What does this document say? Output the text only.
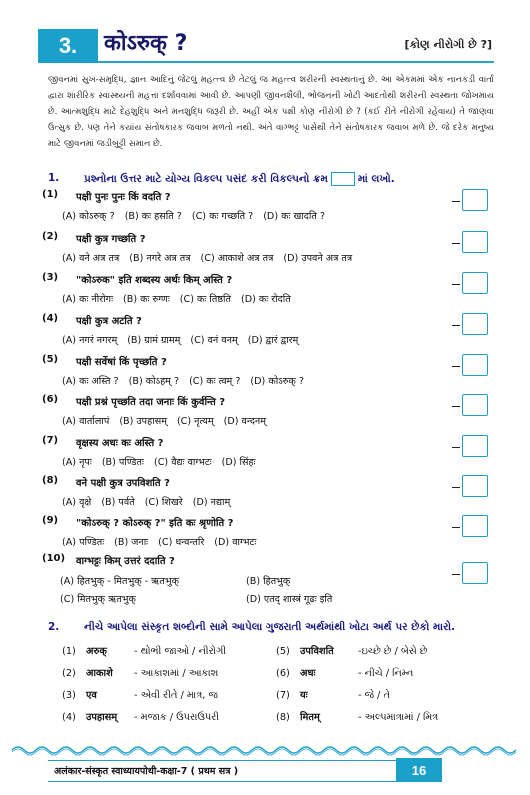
3.	कोऽरुक् ?	[કોણ નીરોગી છે ?]

જીવનમાં સુખ-સમૃદ્ધિ, જ્ઞાન આદિનું જેટલું મહત્ત્વ છે તેટલું જ મહત્ત્વ શરીરની સ્વસ્થતાનું છે. આ એકમમાં એક નાનકડી વાર્તા દ્વારા શારીરિક સ્વાસ્થ્યની મહત્તા દર્શાવવામાં આવી છે. આપણી જીવનશૈલી, ભોજનની ખોટી આદતોથી શરીરની સ્વસ્થતા જોખમાય છે. આત્મશુદ્ધિ માટે દેહશુદ્ધિ અને મનશુદ્ધિ જરૂરી છે. અહીં એક પક્ષી કોણ નીરોગી છે ? (કઈ રીતે નીરોગી રહેવાય) તે જાણવા ઉત્સુક છે. પણ તેને કયાંય સંતોષકારક જવાબ મળતો નથી. અંતે વાગ્ભટ્ટ પાસેથી તેને સંતોષકારક જવાબ મળે છે. જે દરેક મનુષ્ય માટે જીવનમાં જડીબુટ્ટી સમાન છે.

1. પ્રશ્નોના ઉત્તર માટે યોગ્ય વિકલ્પ પસંદ કરી વિકલ્પનો ક્રમ	માં લખો.
(1) पक्षी पुनः पुनः किं वदति ?
(A) कोऽरुक् ? (B) कः हसति ? (C) कः गच्छति ? (D) कः खादति ?
(2) पक्षी कुत्र गच्छति ?
(A) वने अत्र तत्र (B) नगरे अत्र तत्र (C) आकाशे अत्र तत्र (D) उपवने अत्र तत्र
(3) "कोऽरुक" इति शब्दस्य अर्थः किम् अस्ति ?
(A) कः नीरोगः (B) कः रुग्णः (C) कः तिष्ठति (D) कः रोदति
(4) पक्षी कुत्र अटति ?
(A) नगरं नगरम् (B) ग्रामं ग्रामम् (C) वनं वनम् (D) द्वारं द्वारम्
(5) पक्षी सर्वेषां किं पृच्छति ?
(A) कः अस्ति ? (B) कोऽहम् ? (C) कः त्वम् ? (D) कोऽरुक् ?
(6) पक्षी प्रश्नं पृच्छति तदा जनाः किं कुर्वन्ति ?
(A) वार्तालापं (B) उपहासम् (C) नृत्यम् (D) वन्दनम्
(7) वृक्षस्य अधः कः अस्ति ?
(A) नृपः (B) पण्डितः (C) वैद्यः वाग्भटः (D) सिंहः
(8) वने पक्षी कुत्र उपविशति ?
(A) वृक्षे (B) पर्वते (C) शिखरे (D) नद्याम्
(9) "कोऽरुक् ? कोऽरुक् ?" इति कः श्रृणोति ?
(A) पण्डितः (B) जनाः (C) धन्वन्तरि (D) वाग्भटः
(10) वाग्भट्टः किम् उत्तरं ददाति ?
(A) हितभुक् - मितभुक् - ऋतभुक्	(B) हितभुक्
(C) मितभुक् ऋतभुक्	(D) एतद् शास्त्रं गूढः इति
2. નીચે આપેલા સંસ્કૃત શબ્દોની સામે આપેલા ગુજરાતી અર્થમાંથી ખોટા અર્થ પર છેકો મારો.
(1) अरुक्	- થોભી જાઓ / નીરોગી	(5) उपविशति -ઇચ્છે છે / બેસે છે
(2) आकाशे - આકાશમાં / આકાશ	(6) अधः	- નીચે / નિમ્ન
(3) एव	- એવી રીતે / માત્ર, જ	(7) यः	- જે / તે
(4) उपहासम् - મજાક / ઉપરાઉપરી	(8) मितम्	- અલ્પમાત્રામાં / મિત્ર
अलंकार-संस्कृत स्वाध्यायपोथी-कक्षा-7 ( प्रथम सत्र )	16
